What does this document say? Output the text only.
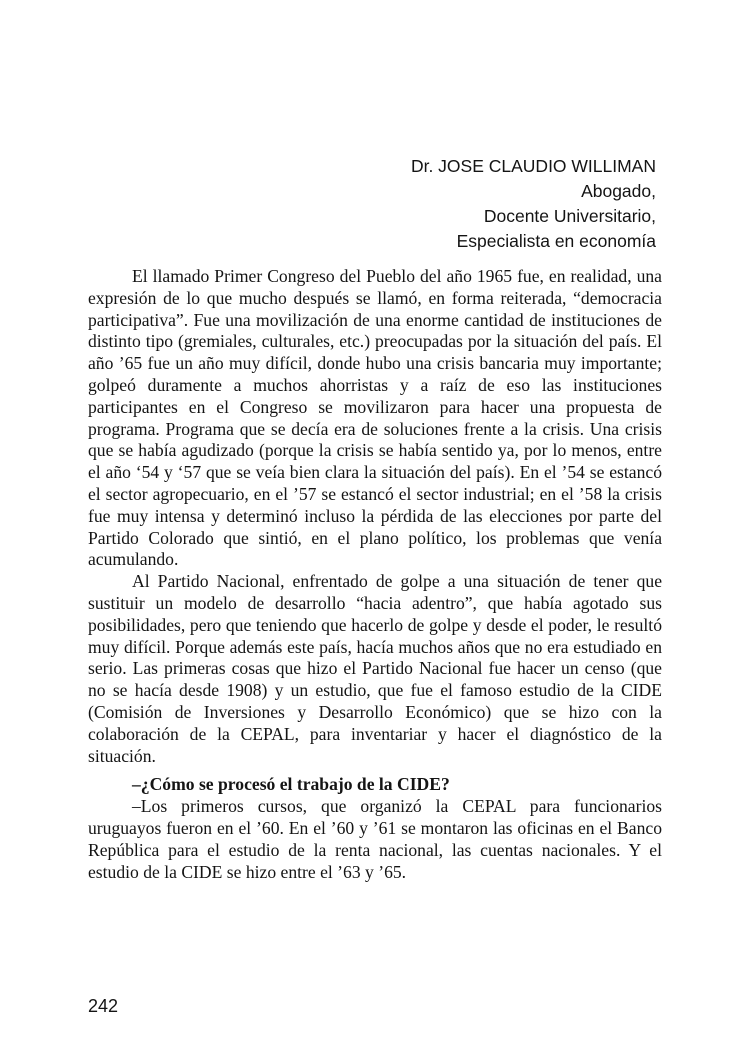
Dr. JOSE CLAUDIO WILLIMAN
Abogado,
Docente Universitario,
Especialista en economía

El llamado Primer Congreso del Pueblo del año 1965 fue, en realidad, una expresión de lo que mucho después se llamó, en forma reiterada, “democracia participativa”. Fue una movilización de una enorme cantidad de instituciones de distinto tipo (gremiales, culturales, etc.) preocupadas por la situación del país. El año ’65 fue un año muy difícil, donde hubo una crisis bancaria muy importante; golpeó duramente a muchos ahorristas y a raíz de eso las instituciones participantes en el Congreso se movilizaron para hacer una propuesta de programa. Programa que se decía era de soluciones frente a la crisis. Una crisis que se había agudizado (porque la crisis se había sentido ya, por lo menos, entre el año ‘54 y ‘57 que se veía bien clara la situación del país). En el ’54 se estancó el sector agropecuario, en el ’57 se estancó el sector industrial; en el ’58 la crisis fue muy intensa y determinó incluso la pérdida de las elecciones por parte del Partido Colorado que sintió, en el plano político, los problemas que venía acumulando.

Al Partido Nacional, enfrentado de golpe a una situación de tener que sustituir un modelo de desarrollo “hacia adentro”, que había agotado sus posibilidades, pero que teniendo que hacerlo de golpe y desde el poder, le resultó muy difícil. Porque además este país, hacía muchos años que no era estudiado en serio. Las primeras cosas que hizo el Partido Nacional fue hacer un censo (que no se hacía desde 1908) y un estudio, que fue el famoso estudio de la CIDE (Comisión de Inversiones y Desarrollo Económico) que se hizo con la colaboración de la CEPAL, para inventariar y hacer el diagnóstico de la situación.

–¿Cómo se procesó el trabajo de la CIDE?

–Los primeros cursos, que organizó la CEPAL para funcionarios uruguayos fueron en el ’60. En el ’60 y ’61 se montaron las oficinas en el Banco República para el estudio de la renta nacional, las cuentas nacionales. Y el estudio de la CIDE se hizo entre el ’63 y ’65.

242
